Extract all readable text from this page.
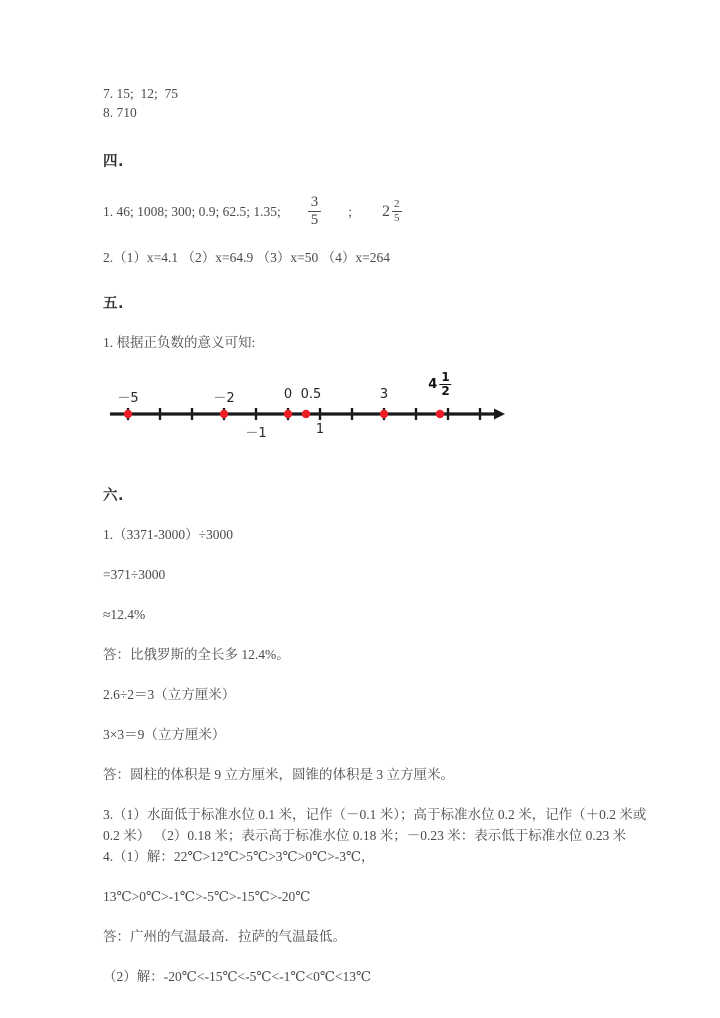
7. 15;  12;  75
8. 710
四.
1. 46; 1008; 300; 0.9; 62.5; 1.35; $\frac{3}{5}$ ; $2 \frac{2}{5}$
2.（1）x=4.1 （2）x=64.9 （3）x=50 （4）x=264
五.
1. 根据正负数的意义可知:
－5	－2	0 0.5	3
－1	1
$4 \frac{1}{2}$
六.
1.（3371-3000）÷3000
=371÷3000
≈12.4%
答：比俄罗斯的全长多 12.4%。
2.6÷2＝3（立方厘米）
3×3＝9（立方厘米）
答：圆柱的体积是 9 立方厘米，圆锥的体积是 3 立方厘米。
3.（1）水面低于标准水位 0.1 米，记作（－0.1 米）；高于标准水位 0.2 米，记作（＋0.2 米或 0.2 米） （2）0.18 米；表示高于标准水位 0.18 米；－0.23 米：表示低于标准水位 0.23 米
4.（1）解：22℃>12℃>5℃>3℃>0℃>-3℃，
13℃>0℃>-1℃>-5℃>-15℃>-20℃
答：广州的气温最高．拉萨的气温最低。
（2）解：-20℃<-15℃<-5℃<-1℃<0℃<13℃
